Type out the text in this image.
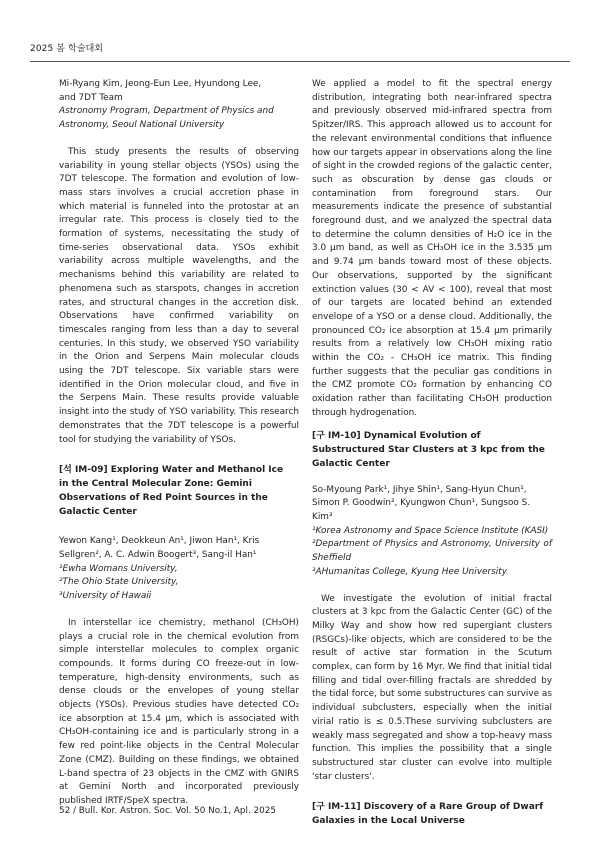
2025 봄 학술대회

Mi-Ryang Kim, Jeong-Eun Lee, Hyundong Lee, and 7DT Team

Astronomy Program, Department of Physics and Astronomy, Seoul National University

This study presents the results of observing variability in young stellar objects (YSOs) using the 7DT telescope. The formation and evolution of low-mass stars involves a crucial accretion phase in which material is funneled into the protostar at an irregular rate. This process is closely tied to the formation of systems, necessitating the study of time-series observational data. YSOs exhibit variability across multiple wavelengths, and the mechanisms behind this variability are related to phenomena such as starspots, changes in accretion rates, and structural changes in the accretion disk. Observations have confirmed variability on timescales ranging from less than a day to several centuries. In this study, we observed YSO variability in the Orion and Serpens Main molecular clouds using the 7DT telescope. Six variable stars were identified in the Orion molecular cloud, and five in the Serpens Main. These results provide valuable insight into the study of YSO variability. This research demonstrates that the 7DT telescope is a powerful tool for studying the variability of YSOs.

[석 IM-09] Exploring Water and Methanol Ice in the Central Molecular Zone: Gemini Observations of Red Point Sources in the Galactic Center

Yewon Kang¹, Deokkeun An¹, Jiwon Han¹, Kris Sellgren², A. C. Adwin Boogert³, Sang-il Han¹

¹Ewha Womans University,

²The Ohio State University,

³University of Hawaii

In interstellar ice chemistry, methanol (CH₃OH) plays a crucial role in the chemical evolution from simple interstellar molecules to complex organic compounds. It forms during CO freeze-out in low-temperature, high-density environments, such as dense clouds or the envelopes of young stellar objects (YSOs). Previous studies have detected CO₂ ice absorption at 15.4 μm, which is associated with CH₃OH-containing ice and is particularly strong in a few red point-like objects in the Central Molecular Zone (CMZ). Building on these findings, we obtained L-band spectra of 23 objects in the CMZ with GNIRS at Gemini North and incorporated previously published IRTF/SpeX spectra.

We applied a model to fit the spectral energy distribution, integrating both near-infrared spectra and previously observed mid-infrared spectra from Spitzer/IRS. This approach allowed us to account for the relevant environmental conditions that influence how our targets appear in observations along the line of sight in the crowded regions of the galactic center, such as obscuration by dense gas clouds or contamination from foreground stars. Our measurements indicate the presence of substantial foreground dust, and we analyzed the spectral data to determine the column densities of H₂O ice in the 3.0 μm band, as well as CH₃OH ice in the 3.535 μm and 9.74 μm bands toward most of these objects. Our observations, supported by the significant extinction values (30 < AV < 100), reveal that most of our targets are located behind an extended envelope of a YSO or a dense cloud. Additionally, the pronounced CO₂ ice absorption at 15.4 μm primarily results from a relatively low CH₃OH mixing ratio within the CO₂ - CH₃OH ice matrix. This finding further suggests that the peculiar gas conditions in the CMZ promote CO₂ formation by enhancing CO oxidation rather than facilitating CH₃OH production through hydrogenation.

[구 IM-10] Dynamical Evolution of Substructured Star Clusters at 3 kpc from the Galactic Center

So-Myoung Park¹, Jihye Shin¹, Sang-Hyun Chun¹, Simon P. Goodwin², Kyungwon Chun¹, Sungsoo S. Kim³

¹Korea Astronomy and Space Science Institute (KASI)

²Department of Physics and Astronomy, University of Sheffield

³AHumanitas College, Kyung Hee University

We investigate the evolution of initial fractal clusters at 3 kpc from the Galactic Center (GC) of the Milky Way and show how red supergiant clusters (RSGCs)-like objects, which are considered to be the result of active star formation in the Scutum complex, can form by 16 Myr. We find that initial tidal filling and tidal over-filling fractals are shredded by the tidal force, but some substructures can survive as individual subclusters, especially when the initial virial ratio is ≤ 0.5.These surviving subclusters are weakly mass segregated and show a top-heavy mass function. This implies the possibility that a single substructured star cluster can evolve into multiple 'star clusters'.

[구 IM-11] Discovery of a Rare Group of Dwarf Galaxies in the Local Universe

52 / Bull. Kor. Astron. Soc. Vol. 50 No.1, Apl. 2025
